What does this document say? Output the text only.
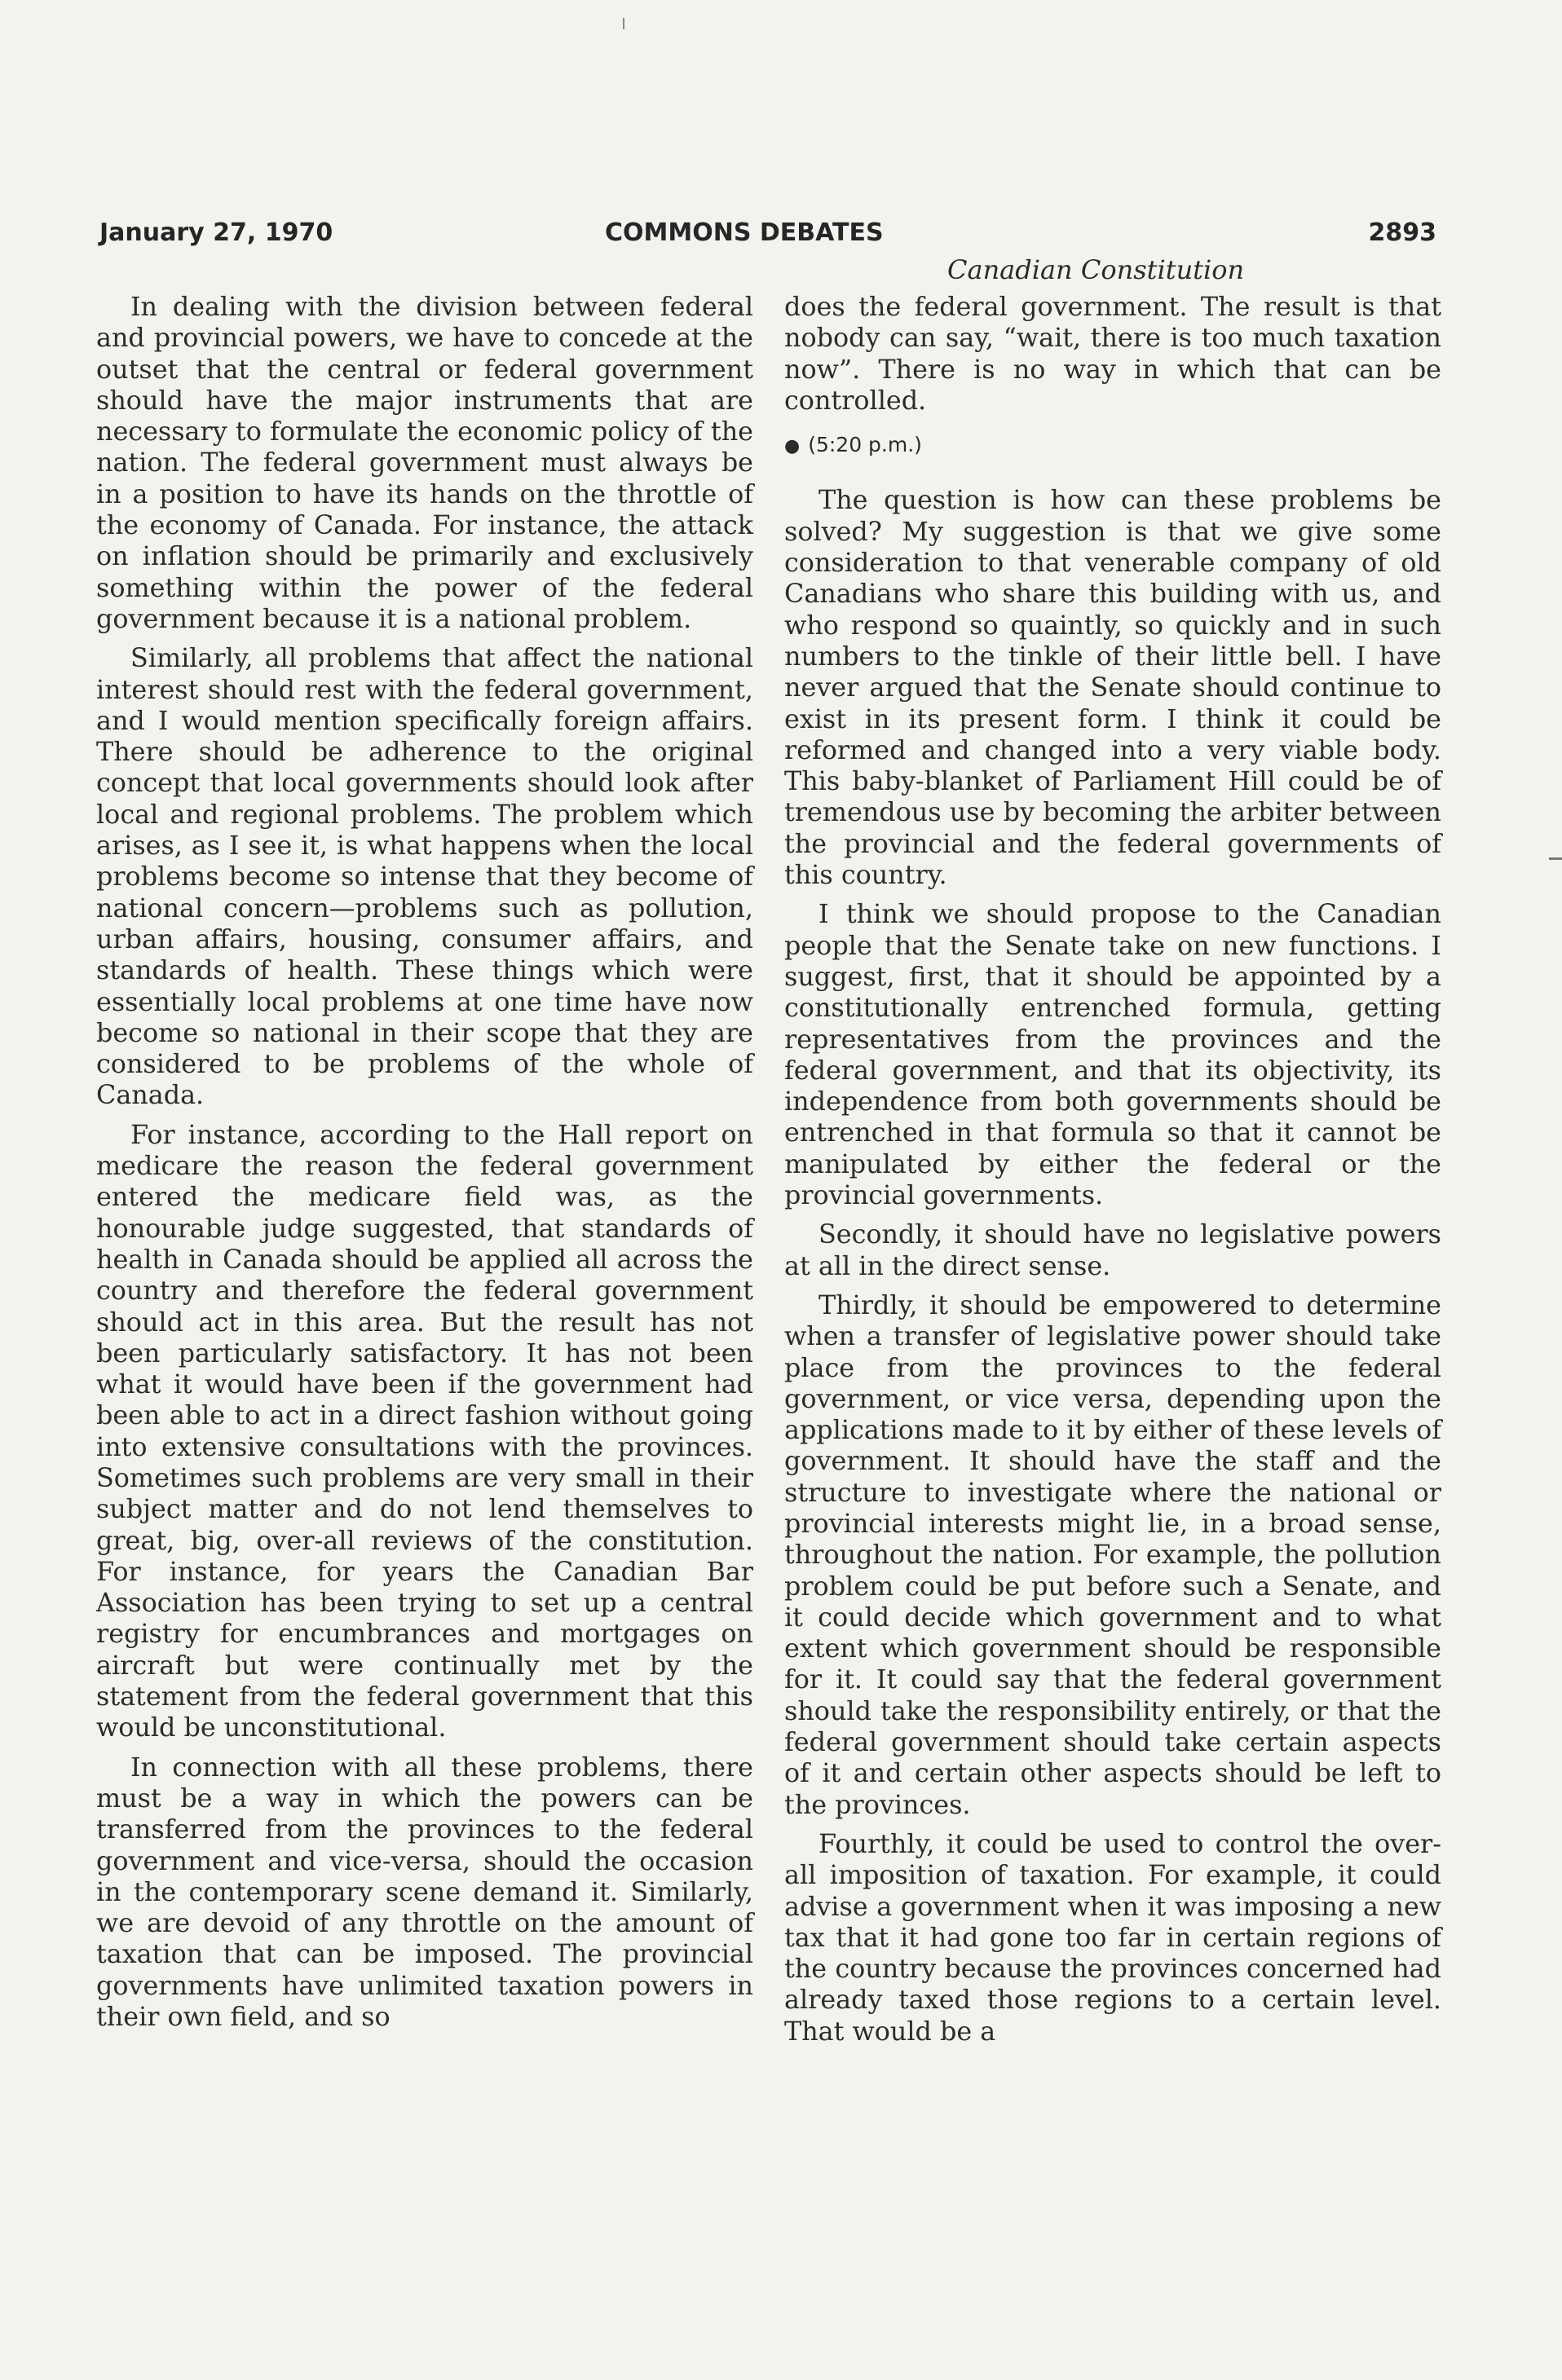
January 27, 1970	COMMONS DEBATES	2893
Canadian Constitution

In dealing with the division between federal and provincial powers, we have to concede at the outset that the central or federal government should have the major instruments that are necessary to formulate the economic policy of the nation. The federal government must always be in a position to have its hands on the throttle of the economy of Canada. For instance, the attack on inflation should be primarily and exclusively something within the power of the federal government because it is a national problem.

Similarly, all problems that affect the national interest should rest with the federal government, and I would mention specifically foreign affairs. There should be adherence to the original concept that local governments should look after local and regional problems. The problem which arises, as I see it, is what happens when the local problems become so intense that they become of national concern—problems such as pollution, urban affairs, housing, consumer affairs, and standards of health. These things which were essentially local problems at one time have now become so national in their scope that they are considered to be problems of the whole of Canada.

For instance, according to the Hall report on medicare the reason the federal government entered the medicare field was, as the honourable judge suggested, that standards of health in Canada should be applied all across the country and therefore the federal government should act in this area. But the result has not been particularly satisfactory. It has not been what it would have been if the government had been able to act in a direct fashion without going into extensive consultations with the provinces. Sometimes such problems are very small in their subject matter and do not lend themselves to great, big, over-all reviews of the constitution. For instance, for years the Canadian Bar Association has been trying to set up a central registry for encumbrances and mortgages on aircraft but were continually met by the statement from the federal government that this would be unconstitutional.

In connection with all these problems, there must be a way in which the powers can be transferred from the provinces to the federal government and vice-versa, should the occasion in the contemporary scene demand it. Similarly, we are devoid of any throttle on the amount of taxation that can be imposed. The provincial governments have unlimited taxation powers in their own field, and so

does the federal government. The result is that nobody can say, “wait, there is too much taxation now”. There is no way in which that can be controlled.

● (5:20 p.m.)

The question is how can these problems be solved? My suggestion is that we give some consideration to that venerable company of old Canadians who share this building with us, and who respond so quaintly, so quickly and in such numbers to the tinkle of their little bell. I have never argued that the Senate should continue to exist in its present form. I think it could be reformed and changed into a very viable body. This baby-blanket of Parliament Hill could be of tremendous use by becoming the arbiter between the provincial and the federal governments of this country.

I think we should propose to the Canadian people that the Senate take on new functions. I suggest, first, that it should be appointed by a constitutionally entrenched formula, getting representatives from the provinces and the federal government, and that its objectivity, its independence from both governments should be entrenched in that formula so that it cannot be manipulated by either the federal or the provincial governments.

Secondly, it should have no legislative powers at all in the direct sense.

Thirdly, it should be empowered to determine when a transfer of legislative power should take place from the provinces to the federal government, or vice versa, depending upon the applications made to it by either of these levels of government. It should have the staff and the structure to investigate where the national or provincial interests might lie, in a broad sense, throughout the nation. For example, the pollution problem could be put before such a Senate, and it could decide which government and to what extent which government should be responsible for it. It could say that the federal government should take the responsibility entirely, or that the federal government should take certain aspects of it and certain other aspects should be left to the provinces.

Fourthly, it could be used to control the over-all imposition of taxation. For example, it could advise a government when it was imposing a new tax that it had gone too far in certain regions of the country because the provinces concerned had already taxed those regions to a certain level. That would be a
